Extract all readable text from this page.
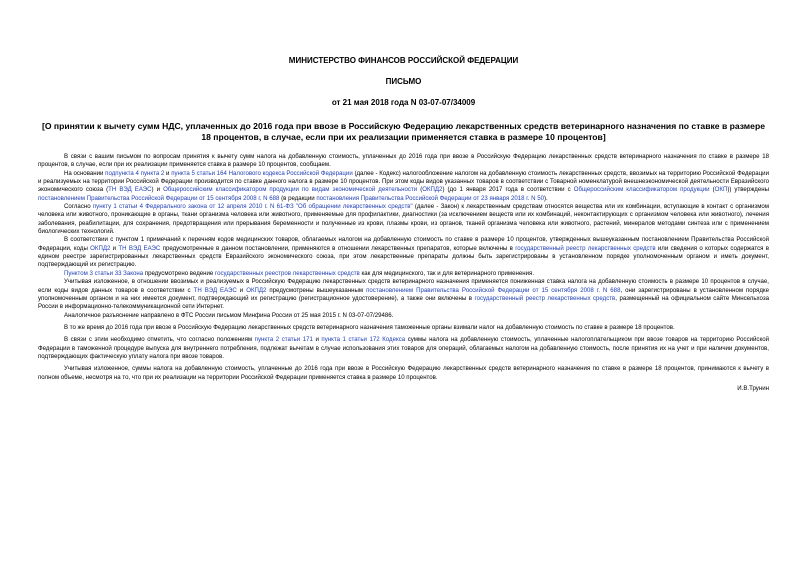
МИНИСТЕРСТВО ФИНАНСОВ РОССИЙСКОЙ ФЕДЕРАЦИИ
ПИСЬМО
от 21 мая 2018 года N 03-07-07/34009
[О принятии к вычету сумм НДС, уплаченных до 2016 года при ввозе в Российскую Федерацию лекарственных средств ветеринарного назначения по ставке в размере 18 процентов, в случае, если при их реализации применяется ставка в размере 10 процентов]

В связи с вашим письмом по вопросам принятия к вычету сумм налога на добавленную стоимость, уплаченных до 2016 года при ввозе в Российскую Федерацию лекарственных средств ветеринарного назначения по ставке в размере 18 процентов, в случае, если при их реализации применяется ставка в размере 10 процентов, сообщаем.

На основании подпункта 4 пункта 2 и пункта 5 статьи 164 Налогового кодекса Российской Федерации (далее - Кодекс) налогообложение налогом на добавленную стоимость лекарственных средств, ввозимых на территорию Российской Федерации и реализуемых на территории Российской Федерации производится по ставке данного налога в размере 10 процентов. При этом коды видов указанных товаров в соответствии с Товарной номенклатурой внешнеэкономической деятельности Евразийского экономического союза (ТН ВЭД ЕАЭС) и Общероссийским классификатором продукции по видам экономической деятельности (ОКПД2) (до 1 января 2017 года в соответствии с Общероссийским классификатором продукции (ОКП)) утверждены постановлением Правительства Российской Федерации от 15 сентября 2008 г. N 688 (в редакции постановления Правительства Российской Федерации от 23 января 2018 г. N 50).

Согласно пункту 1 статьи 4 Федерального закона от 12 апреля 2010 г. N 61-ФЗ "Об обращении лекарственных средств" (далее - Закон) к лекарственным средствам относятся вещества или их комбинации, вступающие в контакт с организмом человека или животного, проникающие в органы, ткани организма человека или животного, применяемые для профилактики, диагностики (за исключением веществ или их комбинаций, неконтактирующих с организмом человека или животного), лечения заболевания, реабилитации, для сохранения, предотвращения или прерывания беременности и полученные из крови, плазмы крови, из органов, тканей организма человека или животного, растений, минералов методами синтеза или с применением биологических технологий.

В соответствии с пунктом 1 примечаний к перечням кодов медицинских товаров, облагаемых налогом на добавленную стоимость по ставке в размере 10 процентов, утвержденных вышеуказанным постановлением Правительства Российской Федерации, коды ОКПД2 и ТН ВЭД ЕАЭС предусмотренные в данном постановлении, применяются в отношении лекарственных препаратов, которые включены в государственный реестр лекарственных средств или сведения о которых содержатся в едином реестре зарегистрированных лекарственных средств Евразийского экономического союза, при этом лекарственные препараты должны быть зарегистрированы в установленном порядке уполномоченным органом и иметь документ, подтверждающий их регистрацию.

Пунктом 3 статьи 33 Закона предусмотрено ведение государственных реестров лекарственных средств как для медицинского, так и для ветеринарного применения.

Учитывая изложенное, в отношении ввозимых и реализуемых в Российскую Федерацию лекарственных средств ветеринарного назначения применяется пониженная ставка налога на добавленную стоимость в размере 10 процентов в случае, если коды видов данных товаров в соответствии с ТН ВЭД ЕАЭС и ОКПД2 предусмотрены вышеуказанным постановлением Правительства Российской Федерации от 15 сентября 2008 г. N 688, они зарегистрированы в установленном порядке уполномоченным органом и на них имеется документ, подтверждающий их регистрацию (регистрационное удостоверение), а также они включены в государственный реестр лекарственных средств, размещенный на официальном сайте Минсельхоза России в информационно-телекоммуникационной сети Интернет.

Аналогичное разъяснение направлено в ФТС России письмом Минфина России от 25 мая 2015 г. N 03-07-07/29486.

В то же время до 2016 года при ввозе в Российскую Федерацию лекарственных средств ветеринарного назначения таможенные органы взимали налог на добавленную стоимость по ставке в размере 18 процентов.

В связи с этим необходимо отметить, что согласно положениям пункта 2 статьи 171 и пункта 1 статьи 172 Кодекса суммы налога на добавленную стоимость, уплаченные налогоплательщиком при ввозе товаров на территорию Российской Федерации в таможенной процедуре выпуска для внутреннего потребления, подлежат вычетам в случае использования этих товаров для операций, облагаемых налогом на добавленную стоимость, после принятия их на учет и при наличии документов, подтверждающих фактическую уплату налога при ввозе товаров.

Учитывая изложенное, суммы налога на добавленную стоимость, уплаченные до 2016 года при ввозе в Российскую Федерацию лекарственных средств ветеринарного назначения по ставке в размере 18 процентов, принимаются к вычету в полном объеме, несмотря на то, что при их реализации на территории Российской Федерации применяется ставка в размере 10 процентов.

И.В.Трунин
